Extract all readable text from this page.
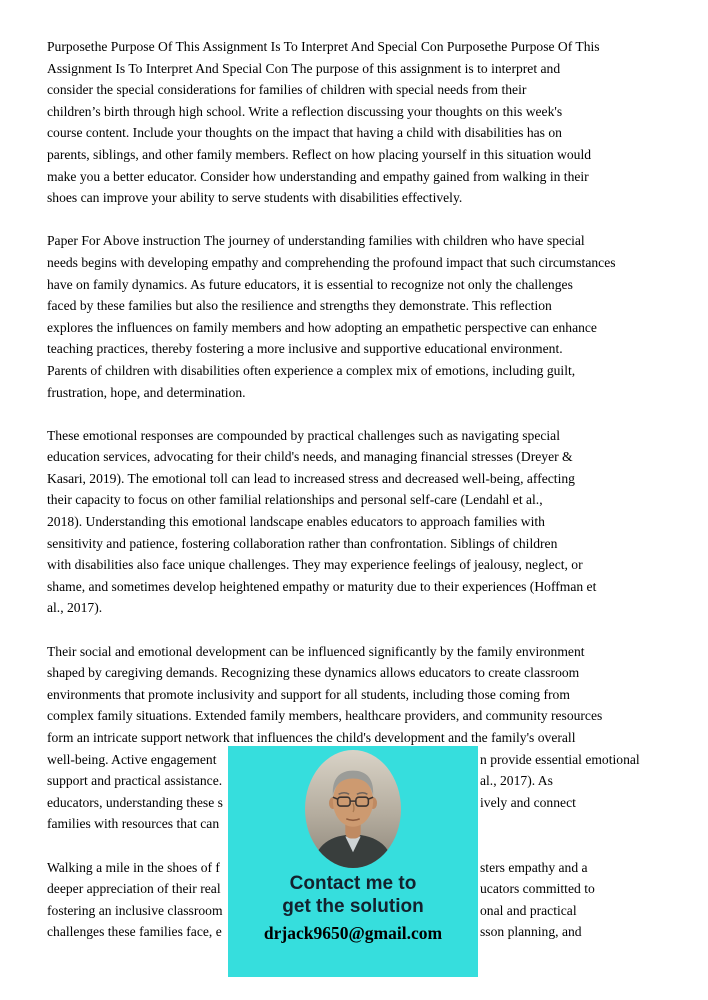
Purposethe Purpose Of This Assignment Is To Interpret And Special Con Purposethe Purpose Of This
Assignment Is To Interpret And Special Con The purpose of this assignment is to interpret and
consider the special considerations for families of children with special needs from their
children’s birth through high school. Write a reflection discussing your thoughts on this week's
course content. Include your thoughts on the impact that having a child with disabilities has on
parents, siblings, and other family members. Reflect on how placing yourself in this situation would
make you a better educator. Consider how understanding and empathy gained from walking in their
shoes can improve your ability to serve students with disabilities effectively.
Paper For Above instruction The journey of understanding families with children who have special
needs begins with developing empathy and comprehending the profound impact that such circumstances
have on family dynamics. As future educators, it is essential to recognize not only the challenges
faced by these families but also the resilience and strengths they demonstrate. This reflection
explores the influences on family members and how adopting an empathetic perspective can enhance
teaching practices, thereby fostering a more inclusive and supportive educational environment.
Parents of children with disabilities often experience a complex mix of emotions, including guilt,
frustration, hope, and determination.
These emotional responses are compounded by practical challenges such as navigating special
education services, advocating for their child's needs, and managing financial stresses (Dreyer &
Kasari, 2019). The emotional toll can lead to increased stress and decreased well-being, affecting
their capacity to focus on other familial relationships and personal self-care (Lendahl et al.,
2018). Understanding this emotional landscape enables educators to approach families with
sensitivity and patience, fostering collaboration rather than confrontation. Siblings of children
with disabilities also face unique challenges. They may experience feelings of jealousy, neglect, or
shame, and sometimes develop heightened empathy or maturity due to their experiences (Hoffman et
al., 2017).
Their social and emotional development can be influenced significantly by the family environment
shaped by caregiving demands. Recognizing these dynamics allows educators to create classroom
environments that promote inclusivity and support for all students, including those coming from
complex family situations. Extended family members, healthcare providers, and community resources
form an intricate support network that influences the child's development and the family's overall
well-being. Active engagement	n provide essential emotional
support and practical assistance.	al., 2017). As
educators, understanding these s	ively and connect
families with resources that can
Walking a mile in the shoes of f	sters empathy and a
deeper appreciation of their real	ucators committed to
fostering an inclusive classroom	onal and practical
challenges these families face, e	sson planning, and
Contact me to
get the solution
drjack9650@gmail.com
